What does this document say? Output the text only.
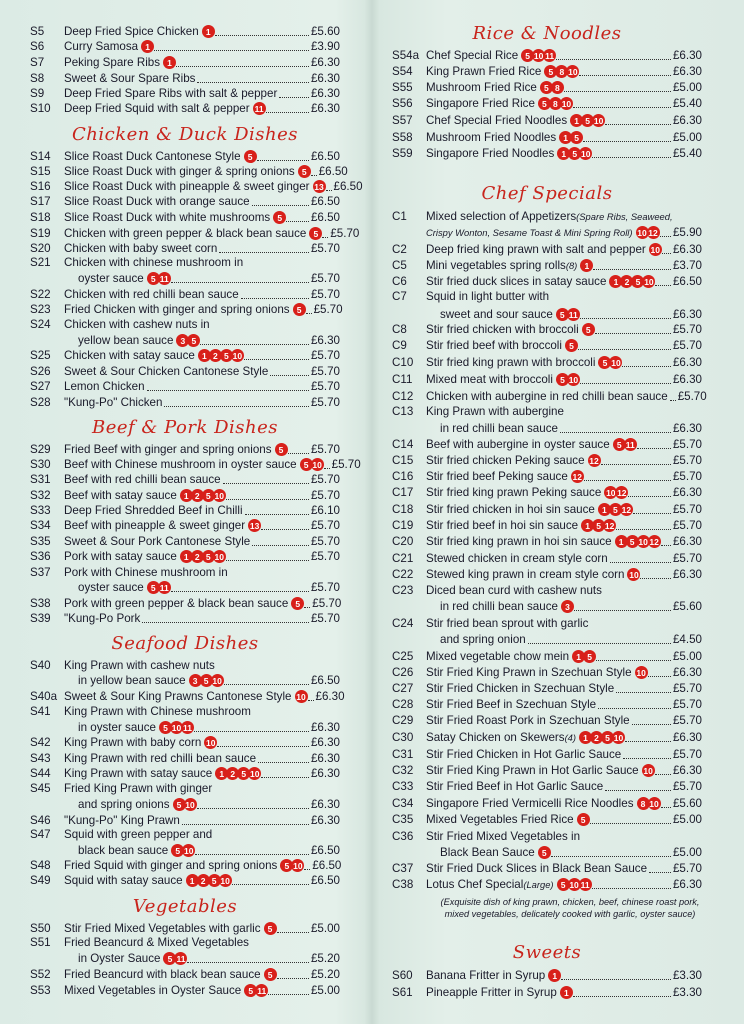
S5	Deep Fried Spice Chicken 1	£5.60
S6	Curry Samosa 1	£3.90
S7	Peking Spare Ribs 1	£6.30
S8	Sweet & Sour Spare Ribs	£6.30
S9	Deep Fried Spare Ribs with salt & pepper	£6.30
S10	Deep Fried Squid with salt & pepper 11	£6.30
Chicken & Duck Dishes
S14	Slice Roast Duck Cantonese Style 5	£6.50
S15	Slice Roast Duck with ginger & spring onions 5	£6.50
S16	Slice Roast Duck with pineapple & sweet ginger 13 £6.50
S17	Slice Roast Duck with orange sauce	£6.50
S18	Slice Roast Duck with white mushrooms 5	£6.50
S19	Chicken with green pepper & black bean sauce 5	£5.70
S20	Chicken with baby sweet corn	£5.70
S21	Chicken with chinese mushroom in
oyster sauce 5 11	£5.70
S22	Chicken with red chilli bean sauce	£5.70
S23	Fried Chicken with ginger and spring onions 5	£5.70
S24	Chicken with cashew nuts in
yellow bean sauce 3 5	£6.30
S25	Chicken with satay sauce 1 2 5 10	£5.70
S26	Sweet & Sour Chicken Cantonese Style	£5.70
S27	Lemon Chicken	£5.70
S28	"Kung-Po" Chicken	£5.70
Beef & Pork Dishes
S29	Fried Beef with ginger and spring onions 5	£5.70
S30	Beef with Chinese mushroom in oyster sauce 5 10 £5.70
S31	Beef with red chilli bean sauce	£5.70
S32	Beef with satay sauce 1 2 5 10	£5.70
S33	Deep Fried Shredded Beef in Chilli	£6.10
S34	Beef with pineapple & sweet ginger 13	£5.70
S35	Sweet & Sour Pork Cantonese Style	£5.70
S36	Pork with satay sauce 1 2 5 10	£5.70
S37	Pork with Chinese mushroom in
oyster sauce 5 11	£5.70
S38	Pork with green pepper & black bean sauce 5	£5.70
S39	"Kung-Po Pork	£5.70
Seafood Dishes
S40	King Prawn with cashew nuts
in yellow bean sauce 3 5 10	£6.50
S40a Sweet & Sour King Prawns Cantonese Style 10 £6.30
S41	King Prawn with Chinese mushroom
in oyster sauce 5 10 11	£6.30
S42	King Prawn with baby corn 10	£6.30
S43	King Prawn with red chilli bean sauce	£6.30
S44	King Prawn with satay sauce 1 2 5 10	£6.30
S45	Fried King Prawn with ginger
and spring onions 5 10	£6.30
S46	"Kung-Po" King Prawn	£6.30
S47	Squid with green pepper and
black bean sauce 5 10	£6.50
S48	Fried Squid with ginger and spring onions 5 10 £6.50
S49	Squid with satay sauce 1 2 5 10	£6.50
Vegetables
S50	Stir Fried Mixed Vegetables with garlic 5	£5.00
S51	Fried Beancurd & Mixed Vegetables
in Oyster Sauce 5 11	£5.20
S52	Fried Beancurd with black bean sauce 5	£5.20
S53	Mixed Vegetables in Oyster Sauce 5 11	£5.00
Rice & Noodles
S54a Chef Special Rice 5 10 11	£6.30
S54	King Prawn Fried Rice 5 8 10	£6.30
S55	Mushroom Fried Rice 5 8	£5.00
S56	Singapore Fried Rice 5 8 10	£5.40
S57	Chef Special Fried Noodles 1 5 10	£6.30
S58	Mushroom Fried Noodles 1 5	£5.00
S59	Singapore Fried Noodles 1 5 10	£5.40
Chef Specials
C1	Mixed selection of Appetizers (Spare Ribs, Seaweed,
Crispy Wonton, Sesame Toast & Mini Spring Roll) 10 12 £5.90
C2	Deep fried king prawn with salt and pepper 10 £6.30
C5	Mini vegetables spring rolls (8) 1	£3.70
C6	Stir fried duck slices in satay sauce 1 2 5 10 £6.50
C7	Squid in light butter with
sweet and sour sauce 5 11	£6.30
C8	Stir fried chicken with broccoli 5	£5.70
C9	Stir fried beef with broccoli 5	£5.70
C10	Stir fried king prawn with broccoli 5 10	£6.30
C11	Mixed meat with broccoli 5 10	£6.30
C12	Chicken with aubergine in red chilli bean sauce £5.70
C13	King Prawn with aubergine
in red chilli bean sauce	£6.30
C14	Beef with aubergine in oyster sauce 5 11	£5.70
C15	Stir fried chicken Peking sauce 12	£5.70
C16	Stir fried beef Peking sauce 12	£5.70
C17	Stir fried king prawn Peking sauce 10 12	£6.30
C18	Stir fried chicken in hoi sin sauce 1 5 12	£5.70
C19	Stir fried beef in hoi sin sauce 1 5 12	£5.70
C20	Stir fried king prawn in hoi sin sauce 1 5 10 12 £6.30
C21	Stewed chicken in cream style corn	£5.70
C22	Stewed king prawn in cream style corn 10	£6.30
C23	Diced bean curd with cashew nuts
in red chilli bean sauce 3	£5.60
C24	Stir fried bean sprout with garlic
and spring onion	£4.50
C25	Mixed vegetable chow mein 1 5	£5.00
C26	Stir Fried King Prawn in Szechuan Style 10 £6.30
C27	Stir Fried Chicken in Szechuan Style	£5.70
C28	Stir Fried Beef in Szechuan Style	£5.70
C29	Stir Fried Roast Pork in Szechuan Style	£5.70
C30	Satay Chicken on Skewers (4) 1 2 5 10	£6.30
C31	Stir Fried Chicken in Hot Garlic Sauce	£5.70
C32	Stir Fried King Prawn in Hot Garlic Sauce 10 £6.30
C33	Stir Fried Beef in Hot Garlic Sauce	£5.70
C34	Singapore Fried Vermicelli Rice Noodles 8 10 £5.60
C35	Mixed Vegetables Fried Rice 5	£5.00
C36	Stir Fried Mixed Vegetables in
Black Bean Sauce 5	£5.00
C37	Stir Fried Duck Slices in Black Bean Sauce £5.70
C38	Lotus Chef Special (Large) 5 10 11	£6.30
(Exquisite dish of king prawn, chicken, beef, chinese roast pork,
mixed vegetables, delicately cooked with garlic, oyster sauce)
Sweets
S60	Banana Fritter in Syrup 1	£3.30
S61	Pineapple Fritter in Syrup 1	£3.30
